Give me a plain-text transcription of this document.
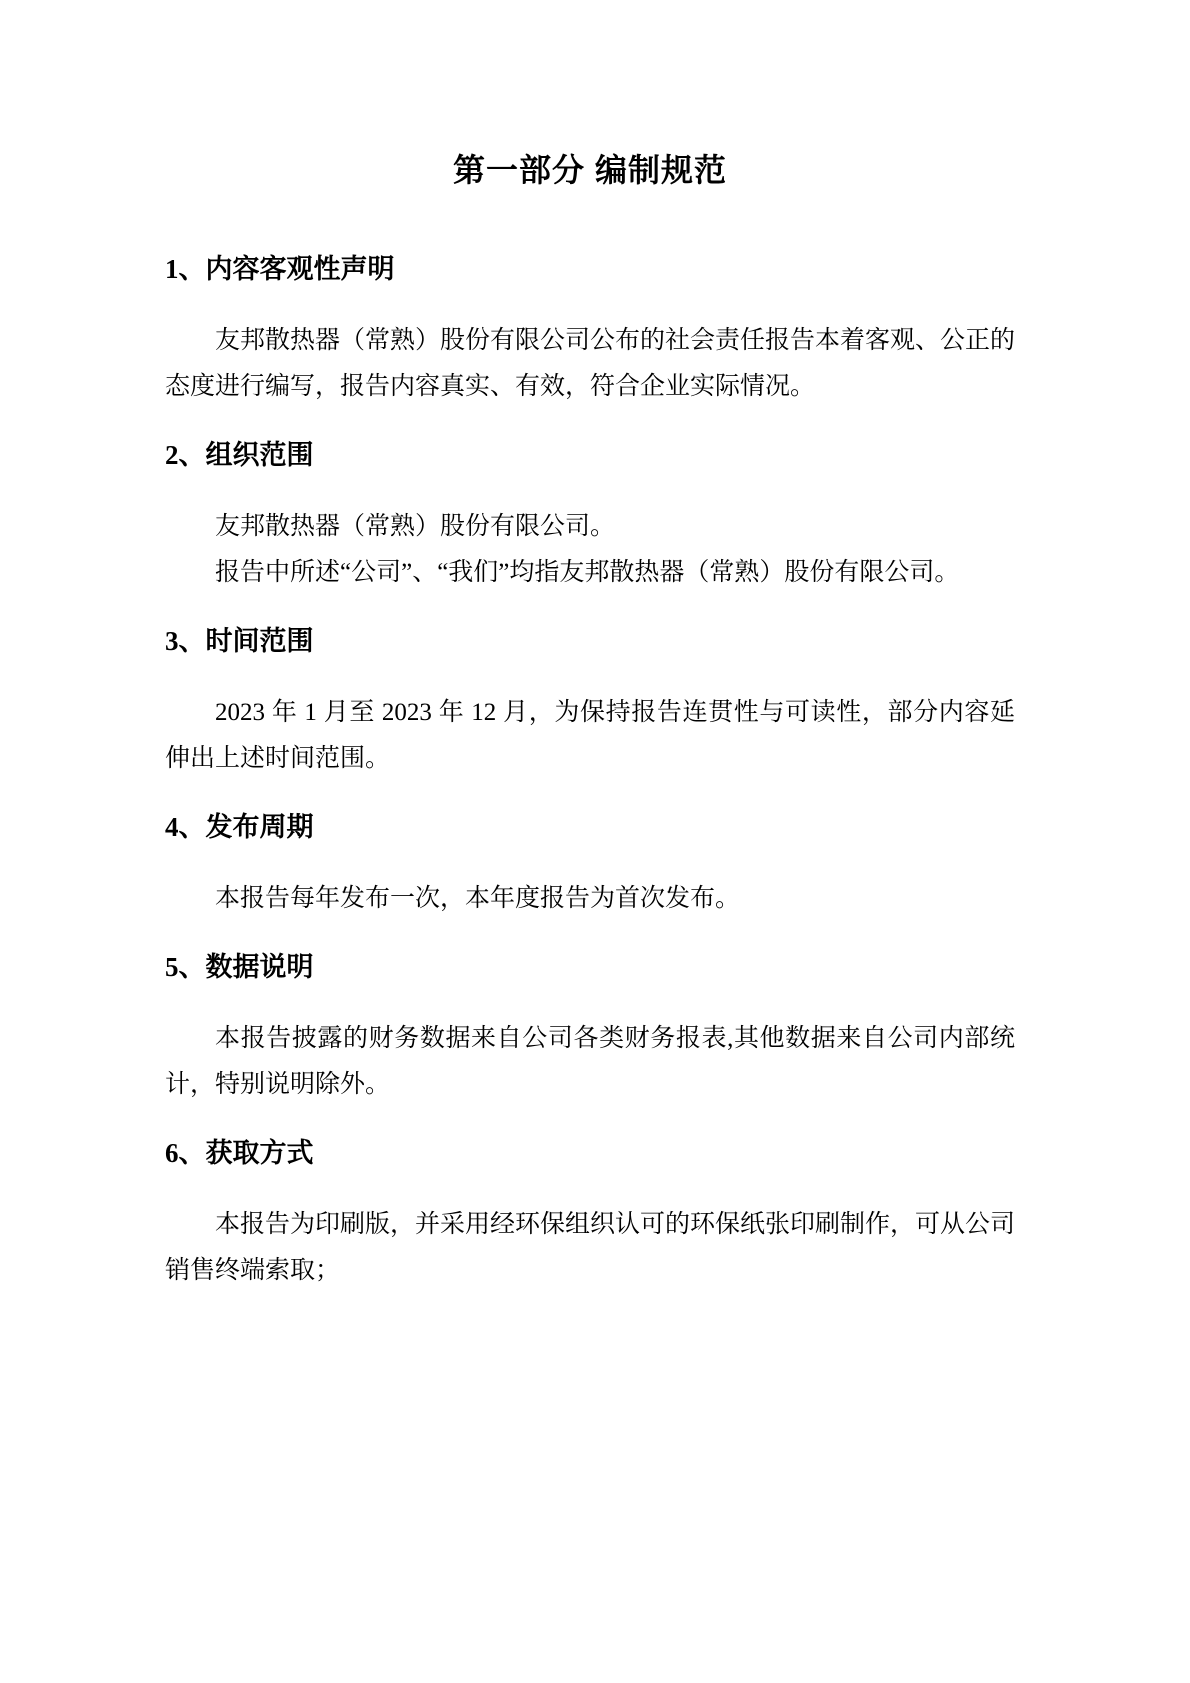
第一部分 编制规范
1、内容客观性声明

友邦散热器（常熟）股份有限公司公布的社会责任报告本着客观、公正的态度进行编写，报告内容真实、有效，符合企业实际情况。

2、组织范围

友邦散热器（常熟）股份有限公司。

报告中所述“公司”、“我们”均指友邦散热器（常熟）股份有限公司。

3、时间范围

2023 年 1 月至 2023 年 12 月，为保持报告连贯性与可读性，部分内容延伸出上述时间范围。

4、发布周期

本报告每年发布一次，本年度报告为首次发布。

5、数据说明

本报告披露的财务数据来自公司各类财务报表,其他数据来自公司内部统计，特别说明除外。

6、获取方式

本报告为印刷版，并采用经环保组织认可的环保纸张印刷制作，可从公司销售终端索取；
